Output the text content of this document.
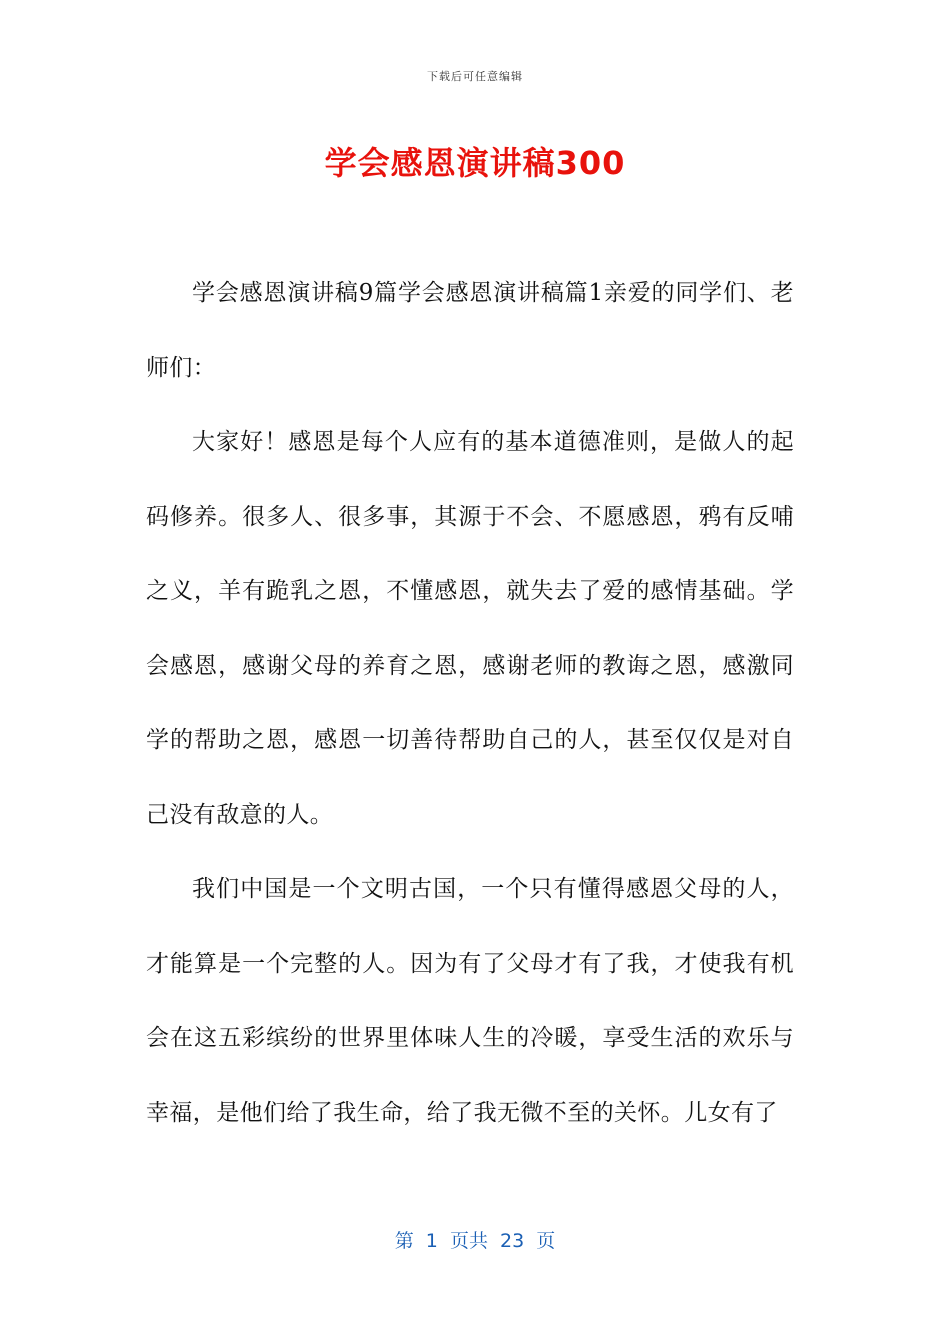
下载后可任意编辑
学会感恩演讲稿300

学会感恩演讲稿9篇学会感恩演讲稿篇1亲爱的同学们、老师们：

大家好！感恩是每个人应有的基本道德准则，是做人的起码修养。很多人、很多事，其源于不会、不愿感恩，鸦有反哺之义，羊有跪乳之恩，不懂感恩，就失去了爱的感情基础。学会感恩，感谢父母的养育之恩，感谢老师的教诲之恩，感激同学的帮助之恩，感恩一切善待帮助自己的人，甚至仅仅是对自己没有敌意的人。

我们中国是一个文明古国，一个只有懂得感恩父母的人，才能算是一个完整的人。因为有了父母才有了我，才使我有机会在这五彩缤纷的世界里体味人生的冷暖，享受生活的欢乐与幸福，是他们给了我生命，给了我无微不至的关怀。儿女有了

第  1  页共  23  页
